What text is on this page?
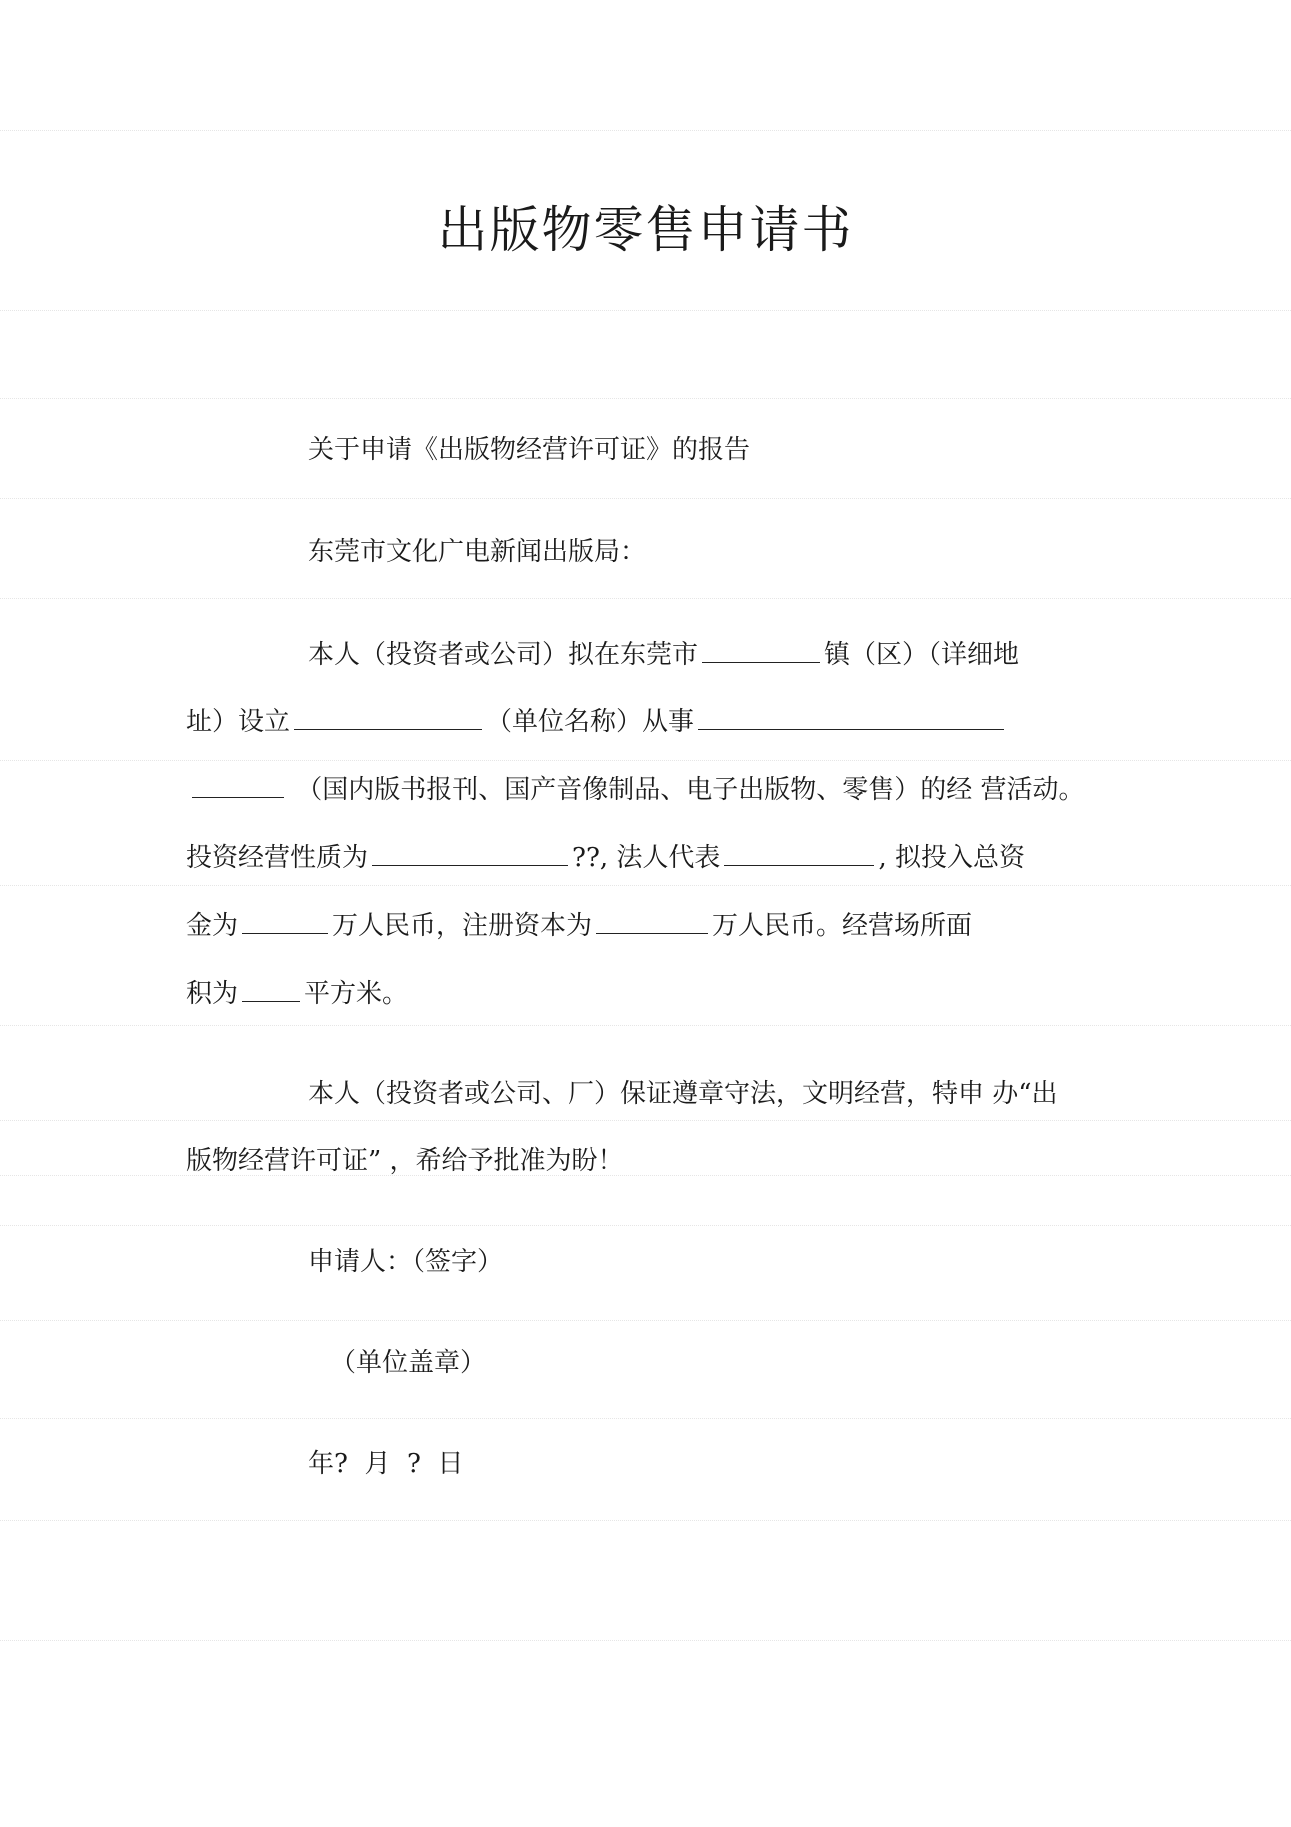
出版物零售申请书

关于申请《出版物经营许可证》的报告

东莞市文化广电新闻出版局：

本人（投资者或公司）拟在东莞市	镇（区）（详细地

址）设立	（单位名称）从事

（国内版书报刊、国产音像制品、电子出版物、零售）的经 营活动。

投资经营性质为	??, 法人代表	, 拟投入总资

金为	万人民币，注册资本为	万人民币。经营场所面

积为	平方米。

本人（投资者或公司、厂）保证遵章守法，文明经营，特申 办“出

版物经营许可证” ，希给予批准为盼！

申请人：（签字）

（单位盖章）

年?  月  ?  日
